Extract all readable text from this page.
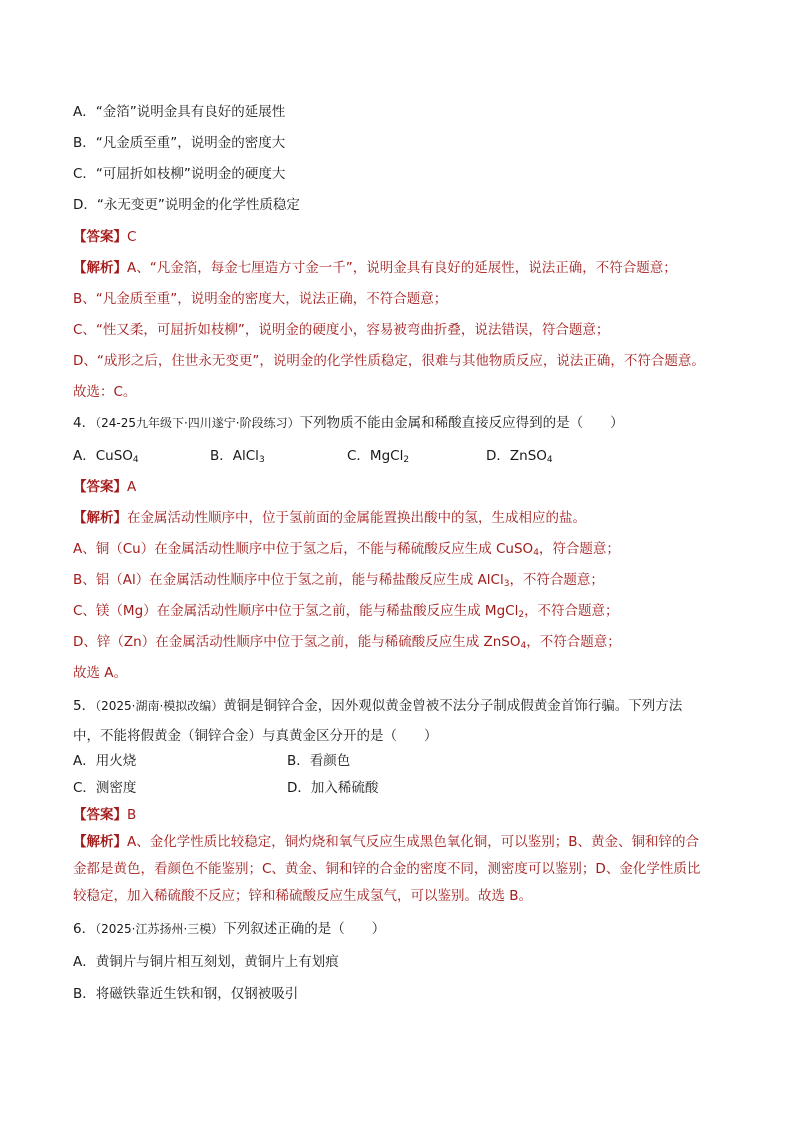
A．“金箔”说明金具有良好的延展性
B．“凡金质至重”，说明金的密度大
C．“可屈折如枝柳”说明金的硬度大
D．“永无变更”说明金的化学性质稳定
【答案】C
【解析】A、“凡金箔，每金七厘造方寸金一千”，说明金具有良好的延展性，说法正确，不符合题意；
B、“凡金质至重”，说明金的密度大，说法正确，不符合题意；
C、“性又柔，可屈折如枝柳”，说明金的硬度小，容易被弯曲折叠，说法错误，符合题意；
D、“成形之后，住世永无变更”，说明金的化学性质稳定，很难与其他物质反应，说法正确，不符合题意。
故选：C。
4．（24-25九年级下·四川遂宁·阶段练习）下列物质不能由金属和稀酸直接反应得到的是（　　）
A．CuSO$_4$	B．AlCl$_3$	C．MgCl$_2$	D．ZnSO$_4$
【答案】A
【解析】在金属活动性顺序中，位于氢前面的金属能置换出酸中的氢，生成相应的盐。
A、铜（Cu）在金属活动性顺序中位于氢之后，不能与稀硫酸反应生成 CuSO$_4$，符合题意；
B、铝（Al）在金属活动性顺序中位于氢之前，能与稀盐酸反应生成 AlCl$_3$，不符合题意；
C、镁（Mg）在金属活动性顺序中位于氢之前，能与稀盐酸反应生成 MgCl$_2$，不符合题意；
D、锌（Zn）在金属活动性顺序中位于氢之前，能与稀硫酸反应生成 ZnSO$_4$，不符合题意；
故选 A。
5．（2025·湖南·模拟改编）黄铜是铜锌合金，因外观似黄金曾被不法分子制成假黄金首饰行骗。下列方法
中，不能将假黄金（铜锌合金）与真黄金区分开的是（　　）
A．用火烧	B．看颜色
C．测密度	D．加入稀硫酸
【答案】B
【解析】A、金化学性质比较稳定，铜灼烧和氧气反应生成黑色氧化铜，可以鉴别；B、黄金、铜和锌的合
金都是黄色，看颜色不能鉴别；C、黄金、铜和锌的合金的密度不同，测密度可以鉴别；D、金化学性质比
较稳定，加入稀硫酸不反应；锌和稀硫酸反应生成氢气，可以鉴别。故选 B。
6．（2025·江苏扬州·三模）下列叙述正确的是（　　）
A．黄铜片与铜片相互刻划，黄铜片上有划痕
B．将磁铁靠近生铁和钢，仅钢被吸引
